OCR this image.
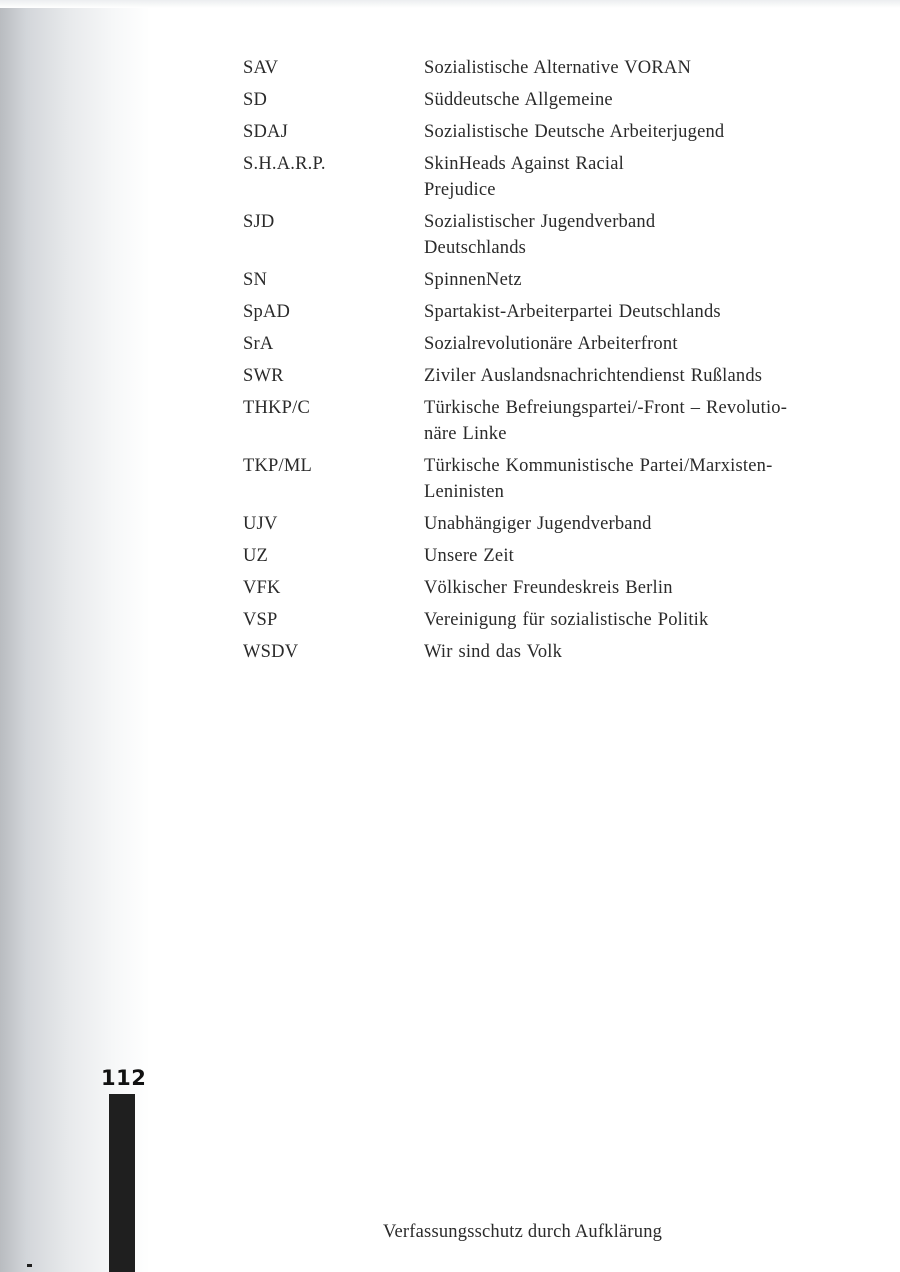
SAV	Sozialistische Alternative VORAN
SD	Süddeutsche Allgemeine
SDAJ	Sozialistische Deutsche Arbeiterjugend
S.H.A.R.P.	SkinHeads Against Racial
Prejudice
SJD	Sozialistischer Jugendverband
Deutschlands
SN	SpinnenNetz
SpAD	Spartakist-Arbeiterpartei Deutschlands
SrA	Sozialrevolutionäre Arbeiterfront
SWR	Ziviler Auslandsnachrichtendienst Rußlands
THKP/C	Türkische Befreiungspartei/-Front – Revolutio-
näre Linke
TKP/ML	Türkische Kommunistische Partei/Marxisten-
Leninisten
UJV	Unabhängiger Jugendverband
UZ	Unsere Zeit
VFK	Völkischer Freundeskreis Berlin
VSP	Vereinigung für sozialistische Politik
WSDV	Wir sind das Volk
112
Verfassungsschutz durch Aufklärung
